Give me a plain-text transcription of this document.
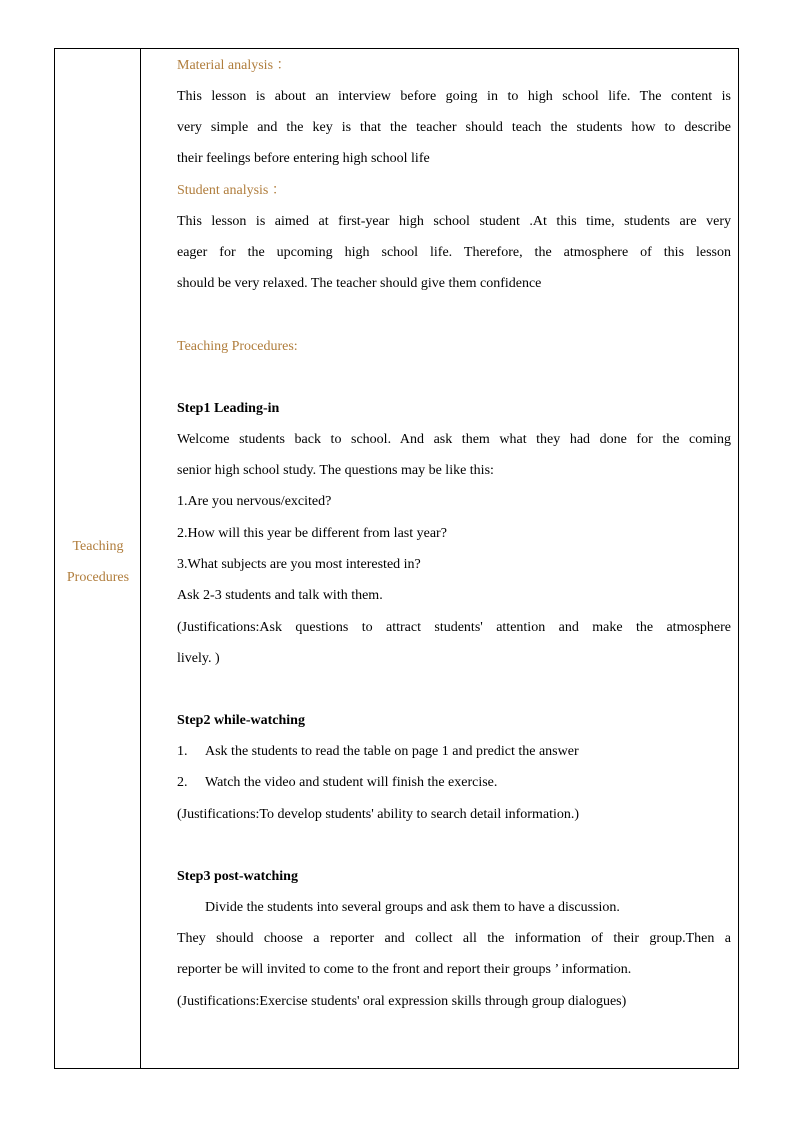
Teaching
Procedures
Material analysis ：
This lesson is about an interview before going in to high school life. The content is
very simple and the key is that the teacher should teach the students how to describe
their feelings before entering high school life
Student analysis ：
This lesson is aimed at first-year high school student .At this time, students are very
eager for the upcoming high school life. Therefore, the atmosphere of this lesson
should be very relaxed. The teacher should give them confidence
Teaching Procedures:
Step1 Leading-in
Welcome students back to school. And ask them what they had done for the coming
senior high school study. The questions may be like this:
1.Are you nervous/excited?
2.How will this year be different from last year?
3.What subjects are you most interested in?
Ask 2-3 students and talk with them.
(Justifications:Ask questions to attract students' attention and make the atmosphere
lively. )
Step2 while-watching
1. Ask the students to read the table on page 1 and predict the answer
2. Watch the video and student will finish the exercise.
(Justifications:To develop students' ability to search detail information.)
Step3 post-watching
Divide the students into several groups and ask them to have a discussion.
They should choose a reporter and collect all the information of their group.Then a
reporter be will invited to come to the front and report their groups ’ information.
(Justifications:Exercise students' oral expression skills through group dialogues)
